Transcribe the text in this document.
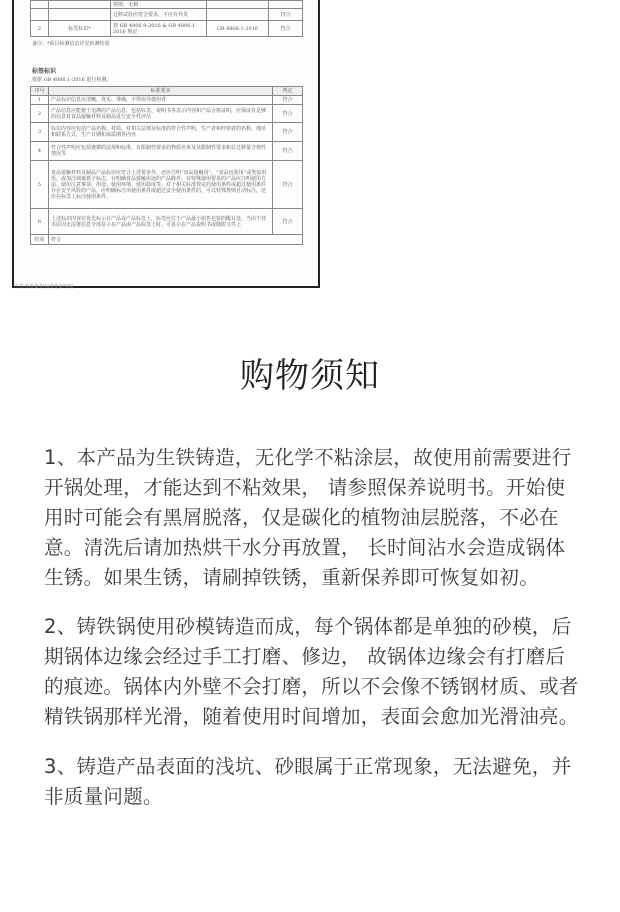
		规则，无刺		
		迁移试验应符合要求，不应有异臭		符合
2	标签标识*	按 GB 4806.9-2016 & GB 4806.1-2016 规定	GB 4806.1-2016	符合
备注：*项目检测信息详见检测结果
标签标识
依据 GB 4806.1-2016 进行检测。
序号	标准要求	判定
1	产品标识信息应清晰、真实、准确，不得误导使用者	符合
2	产品信息应能便于追溯的产品信息，包括标签、说明书等表示内容和产品合格证明，应保证有足够的信息对食品接触材料及制品进行安全性评估	符合
3	标识内容应包括产品名称、材质、对相关法规及标准的符合性声明，生产者和经销者的名称、地址和联系方式、生产日期和保质期等内容	符合
4	符合性声明应包括遵循的法规和标准，有限制性要求的物质名单及其限制性要求和总迁移量合规性情况等	符合
5	食品接触材料及制品产品标识应符合上述要求外，还应注明“食品接触用”、“食品包装用”或类似用语，或加注调羹筷子标志，有明确食品接触用途的产品除外。有特殊使用要求的产品应注明使用方法、使用注意事项、用途、使用环境、使用温度等。对于相关标准规定的使用条件或超过使用条件存在安全风险的产品，应明确标注出使用条件或超过安全使用条件的，可以特殊规则自动标注，还应在标签上标注使用条件。	符合
6	上述标识内容应优先标示在产品或产品标签上，标签应位于产品最小销售包装的醒目处，当由于技术原因无法将信息全部显示在产品或产品标签上时，可显示在产品说明书或随附文件上	符合
结束	符合	
江苏省质量和标准化研究院
购物须知

1、本产品为生铁铸造，无化学不粘涂层，故使用前需要进行开锅处理，才能达到不粘效果， 请参照保养说明书。开始使用时可能会有黑屑脱落，仅是碳化的植物油层脱落，不必在意。清洗后请加热烘干水分再放置， 长时间沾水会造成锅体生锈。如果生锈，请刷掉铁锈，重新保养即可恢复如初。

2、铸铁锅使用砂模铸造而成，每个锅体都是单独的砂模，后期锅体边缘会经过手工打磨、修边， 故锅体边缘会有打磨后的痕迹。锅体内外壁不会打磨，所以不会像不锈钢材质、或者精铁锅那样光滑，随着使用时间增加，表面会愈加光滑油亮。

3、铸造产品表面的浅坑、砂眼属于正常现象，无法避免，并非质量问题。
